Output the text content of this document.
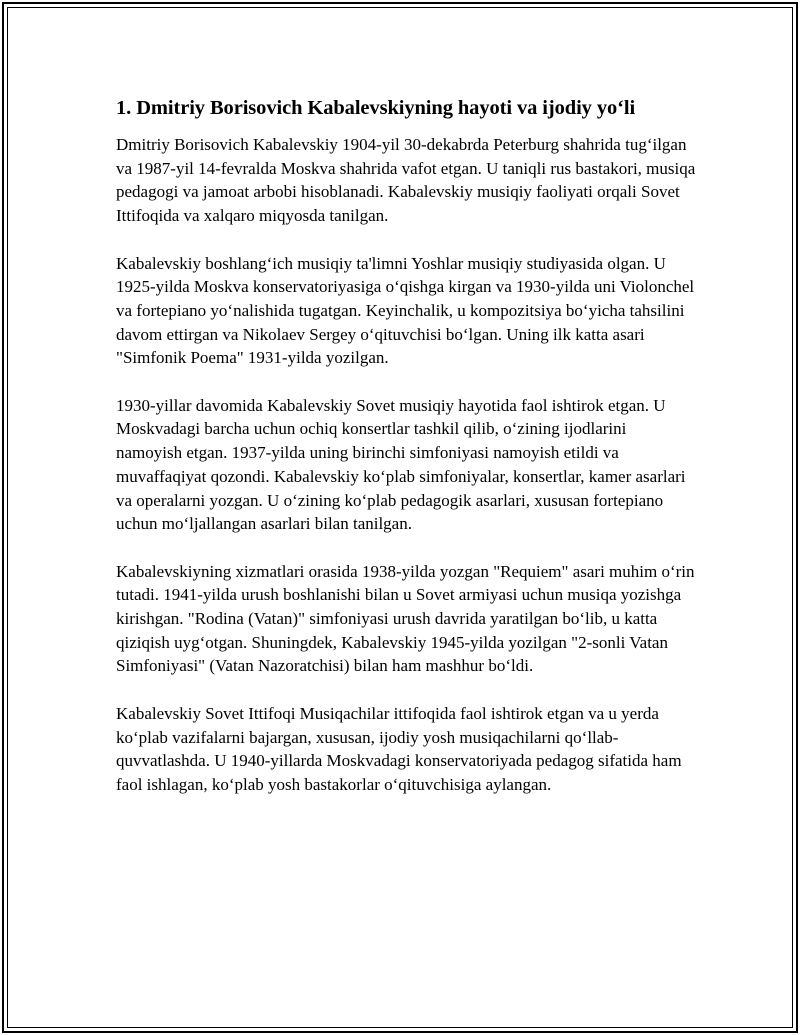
1. Dmitriy Borisovich Kabalevskiyning hayoti va ijodiy yo‘li

Dmitriy Borisovich Kabalevskiy 1904-yil 30-dekabrda Peterburg shahrida tug‘ilgan va 1987-yil 14-fevralda Moskva shahrida vafot etgan. U taniqli rus bastakori, musiqa pedagogi va jamoat arbobi hisoblanadi. Kabalevskiy musiqiy faoliyati orqali Sovet Ittifoqida va xalqaro miqyosda tanilgan.

Kabalevskiy boshlang‘ich musiqiy ta'limni Yoshlar musiqiy studiyasida olgan. U 1925-yilda Moskva konservatoriyasiga o‘qishga kirgan va 1930-yilda uni Violonchel va fortepiano yo‘nalishida tugatgan. Keyinchalik, u kompozitsiya bo‘yicha tahsilini davom ettirgan va Nikolaev Sergey o‘qituvchisi bo‘lgan. Uning ilk katta asari "Simfonik Poema" 1931-yilda yozilgan.

1930-yillar davomida Kabalevskiy Sovet musiqiy hayotida faol ishtirok etgan. U Moskvadagi barcha uchun ochiq konsertlar tashkil qilib, o‘zining ijodlarini namoyish etgan. 1937-yilda uning birinchi simfoniyasi namoyish etildi va muvaffaqiyat qozondi. Kabalevskiy ko‘plab simfoniyalar, konsertlar, kamer asarlari va operalarni yozgan. U o‘zining ko‘plab pedagogik asarlari, xususan fortepiano uchun mo‘ljallangan asarlari bilan tanilgan.

Kabalevskiyning xizmatlari orasida 1938-yilda yozgan "Requiem" asari muhim o‘rin tutadi. 1941-yilda urush boshlanishi bilan u Sovet armiyasi uchun musiqa yozishga kirishgan. "Rodina (Vatan)" simfoniyasi urush davrida yaratilgan bo‘lib, u katta qiziqish uyg‘otgan. Shuningdek, Kabalevskiy 1945-yilda yozilgan "2-sonli Vatan Simfoniyasi" (Vatan Nazoratchisi) bilan ham mashhur bo‘ldi.

Kabalevskiy Sovet Ittifoqi Musiqachilar ittifoqida faol ishtirok etgan va u yerda ko‘plab vazifalarni bajargan, xususan, ijodiy yosh musiqachilarni qo‘llab-quvvatlashda. U 1940-yillarda Moskvadagi konservatoriyada pedagog sifatida ham faol ishlagan, ko‘plab yosh bastakorlar o‘qituvchisiga aylangan.
